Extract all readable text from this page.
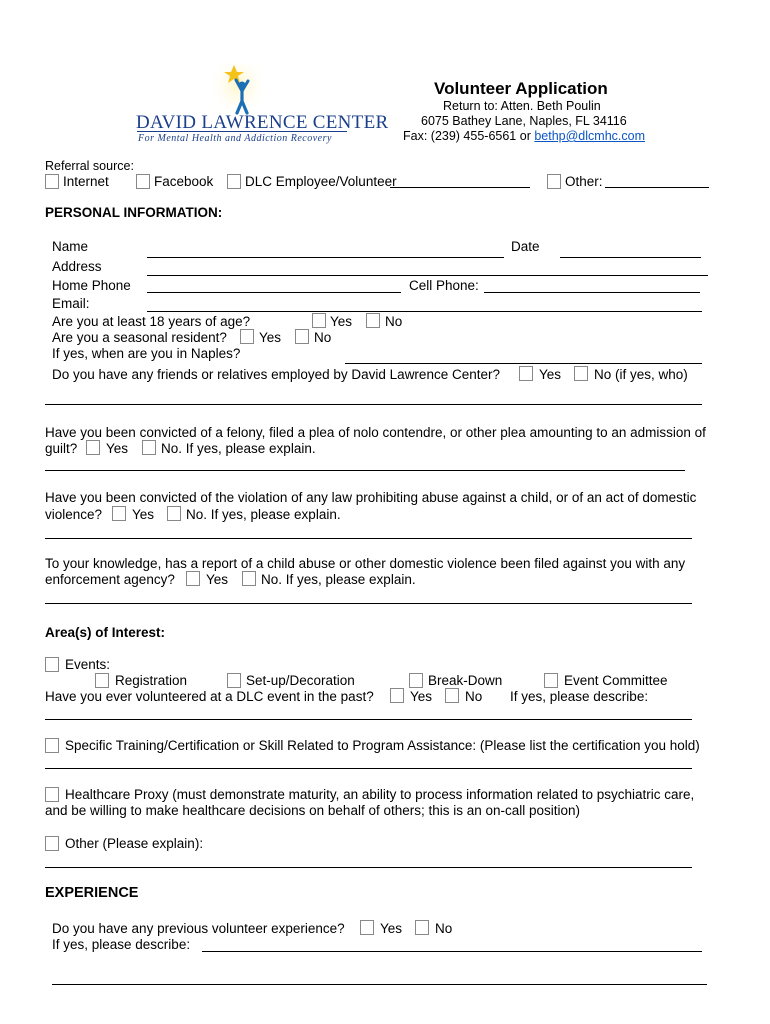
DAVID LAWRENCE CENTER
For Mental Health and Addiction Recovery
Volunteer Application
Return to: Atten. Beth Poulin
6075 Bathey Lane, Naples, FL 34116
Fax: (239) 455-6561 or bethp@dlcmhc.com
Referral source:
Internet	Facebook DLC Employee/Volunteer	Other:
PERSONAL INFORMATION:
Name	Date
Address
Home Phone	Cell Phone:
Email:
Are you at least 18 years of age?	Yes No
Are you a seasonal resident? Yes No
If yes, when are you in Naples?
Do you have any friends or relatives employed by David Lawrence Center?	Yes No (if yes, who)
Have you been convicted of a felony, filed a plea of nolo contendre, or other plea amounting to an admission of
guilt? Yes No. If yes, please explain.
Have you been convicted of the violation of any law prohibiting abuse against a child, or of an act of domestic
violence? Yes No. If yes, please explain.
To your knowledge, has a report of a child abuse or other domestic violence been filed against you with any
enforcement agency? Yes No. If yes, please explain.
Area(s) of Interest:
Events:
Registration	Set-up/Decoration	Break-Down	Event Committee
Have you ever volunteered at a DLC event in the past?	Yes No If yes, please describe:
Specific Training/Certification or Skill Related to Program Assistance: (Please list the certification you hold)
Healthcare Proxy (must demonstrate maturity, an ability to process information related to psychiatric care,
and be willing to make healthcare decisions on behalf of others; this is an on-call position)
Other (Please explain):
EXPERIENCE
Do you have any previous volunteer experience?	Yes No
If yes, please describe:
